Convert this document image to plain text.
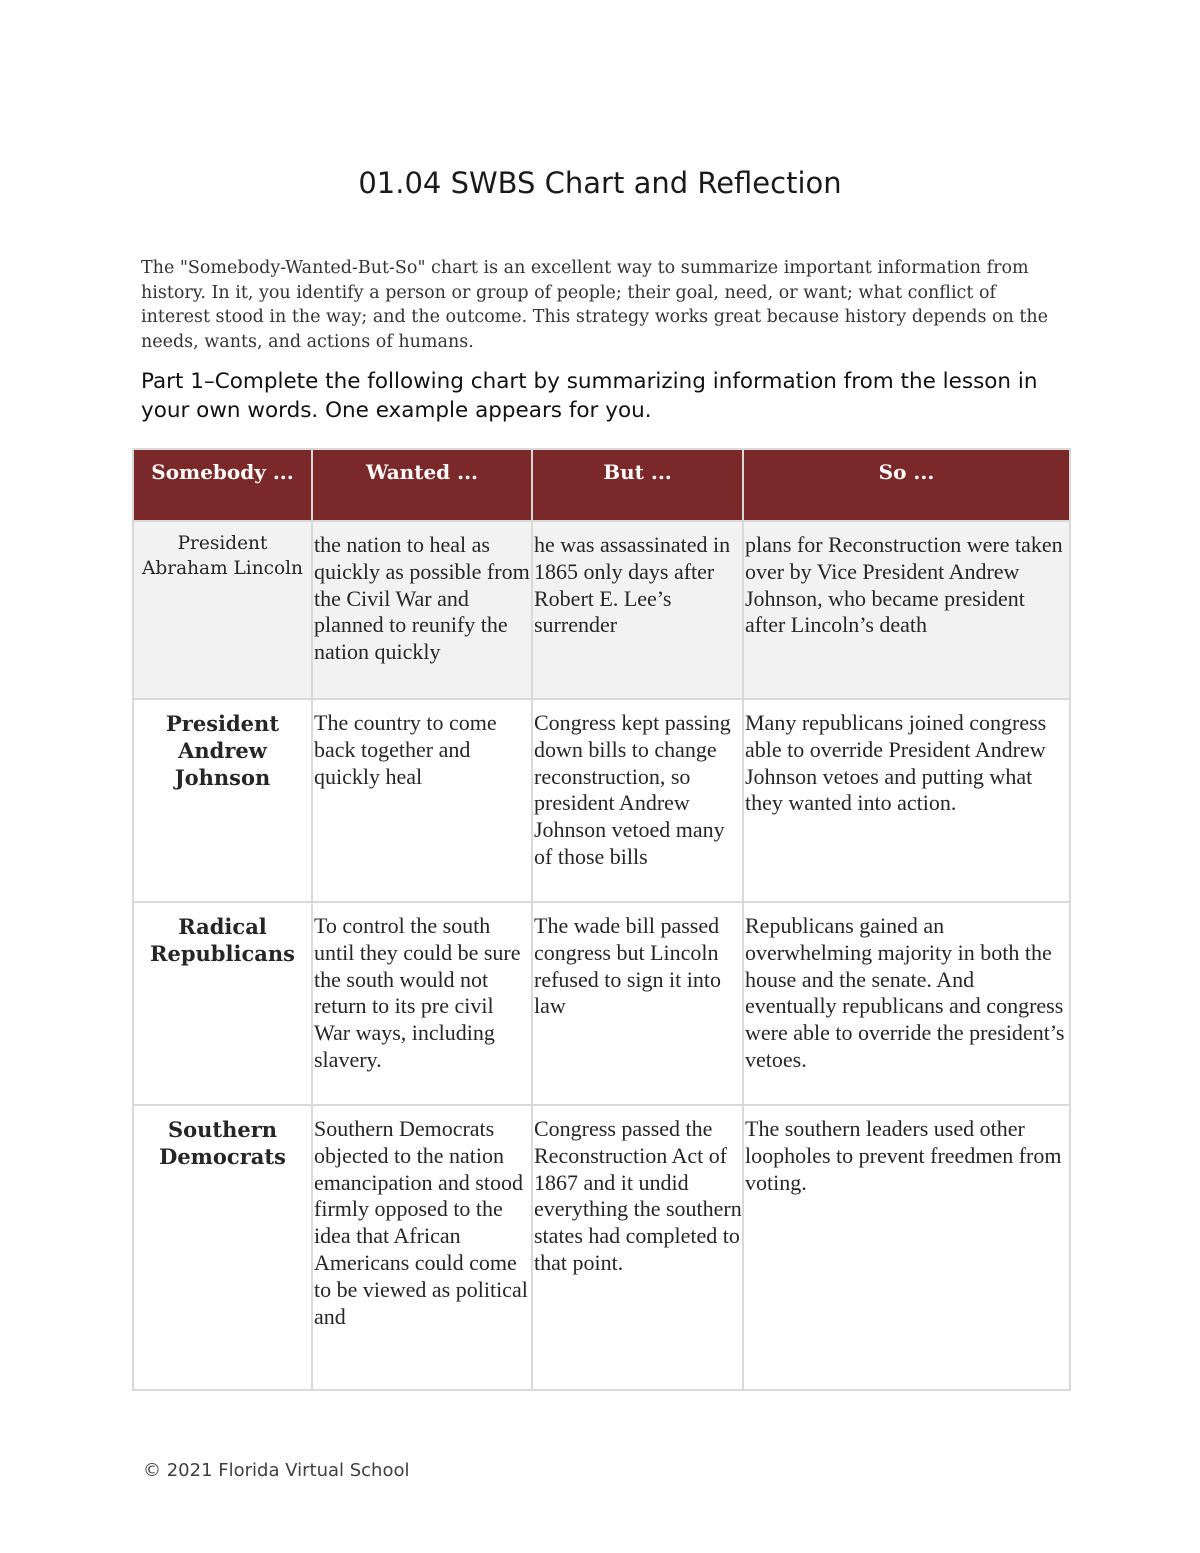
01.04 SWBS Chart and Reflection

The "Somebody-Wanted-But-So" chart is an excellent way to summarize important information from history. In it, you identify a person or group of people; their goal, need, or want; what conflict of interest stood in the way; and the outcome. This strategy works great because history depends on the needs, wants, and actions of humans.

Part 1–Complete the following chart by summarizing information from the lesson in your own words. One example appears for you.

Somebody ...	Wanted ...	But ...	So ...
President Abraham Lincoln	the nation to heal as quickly as possible from the Civil War and planned to reunify the nation quickly	he was assassinated in 1865 only days after Robert E. Lee’s surrender	plans for Reconstruction were taken over by Vice President Andrew Johnson, who became president after Lincoln’s death
President Andrew Johnson	The country to come back together and quickly heal	Congress kept passing down bills to change reconstruction, so president Andrew Johnson vetoed many of those bills	Many republicans joined congress able to override President Andrew Johnson vetoes and putting what they wanted into action.
Radical Republicans	To control the south until they could be sure the south would not return to its pre civil War ways, including slavery.	The wade bill passed congress but Lincoln refused to sign it into law	Republicans gained an overwhelming majority in both the house and the senate. And eventually republicans and congress were able to override the president’s vetoes.
Southern Democrats	Southern Democrats objected to the nation emancipation and stood firmly opposed to the idea that African Americans could come to be viewed as political and	Congress passed the Reconstruction Act of 1867 and it undid everything the southern states had completed to that point.	The southern leaders used other loopholes to prevent freedmen from voting.

© 2021 Florida Virtual School
